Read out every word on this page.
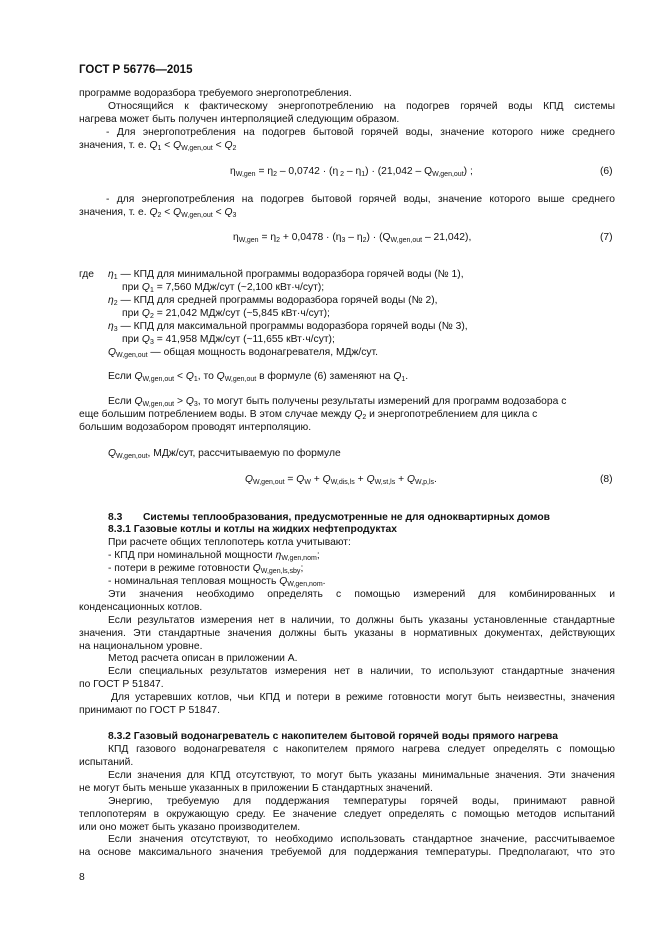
ГОСТ Р 56776—2015
программе водоразбора требуемого энергопотребления.
Относящийся к фактическому энергопотреблению на подогрев горячей воды КПД системы
нагрева может быть получен интерполяцией следующим образом.
- Для энергопотребления на подогрев бытовой горячей воды, значение которого ниже среднего
значения, т. е. $Q_1 < Q_{W,gen,out} < Q_2$
$\eta_{W,gen} = \eta_2 - 0,0742 \cdot (\eta$ $_2 - \eta_1) \cdot (21,042 - Q_{W,gen,out})$ ;	(6)
- для энергопотребления на подогрев бытовой горячей воды, значение которого выше среднего
значения, т. е. $Q_2 < Q_{W,gen,out} < Q_3$
$\eta_{W,gen} = \eta_2 + 0,0478 \cdot (\eta_3 - \eta_2) \cdot (Q_{W,gen,out} - 21,042)$,	(7)
где $\eta_1$ — КПД для минимальной программы водоразбора горячей воды (№ 1),
при $Q_1 = 7,560$ МДж/сут (~2,100 кВт·ч/сут);
$\eta_2$ — КПД для средней программы водоразбора горячей воды (№ 2),
при $Q_2 = 21,042$ МДж/сут (~5,845 кВт·ч/сут);
$\eta_3$ — КПД для максимальной программы водоразбора горячей воды (№ 3),
при $Q_3 = 41,958$ МДж/сут (~11,655 кВт·ч/сут);
$Q_{W,gen,out}$ — общая мощность водонагревателя, МДж/сут.
Если $Q_{W,gen,out} < Q_1$, то $Q_{W,gen,out}$ в формуле (6) заменяют на $Q_1$.
Если $Q_{W,gen,out} > Q_3$, то могут быть получены результаты измерений для программ водозабора с
еще большим потреблением воды. В этом случае между $Q_2$ и энергопотреблением для цикла с
большим водозабором проводят интерполяцию.
$Q_{W,gen,out}$, МДж/сут, рассчитываемую по формуле
$Q_{W,gen,out} = Q_W + Q_{W,dis,ls} + Q_{W,st,ls} + Q_{W,p,ls}$.	(8)
8.3 Системы теплообразования, предусмотренные не для одноквартирных домов
8.3.1 Газовые котлы и котлы на жидких нефтепродуктах
При расчете общих теплопотерь котла учитывают:
- КПД при номинальной мощности $\eta_{W,gen,nom}$;
- потери в режиме готовности $Q_{W,gen,ls,sby}$;
- номинальная тепловая мощность $Q_{W,gen,nom}$.
Эти значения необходимо определять с помощью измерений для комбинированных и
конденсационных котлов.
Если результатов измерения нет в наличии, то должны быть указаны установленные стандартные
значения. Эти стандартные значения должны быть указаны в нормативных документах, действующих
на национальном уровне.
Метод расчета описан в приложении А.
Если специальных результатов измерения нет в наличии, то используют стандартные значения
по ГОСТ Р 51847.
Для устаревших котлов, чьи КПД и потери в режиме готовности могут быть неизвестны, значения
принимают по ГОСТ Р 51847.
8.3.2 Газовый водонагреватель с накопителем бытовой горячей воды прямого нагрева
КПД газового водонагревателя с накопителем прямого нагрева следует определять с помощью
испытаний.
Если значения для КПД отсутствуют, то могут быть указаны минимальные значения. Эти значения
не могут быть меньше указанных в приложении Б стандартных значений.
Энергию, требуемую для поддержания температуры горячей воды, принимают равной
теплопотерям в окружающую среду. Ее значение следует определять с помощью методов испытаний
или оно может быть указано производителем.
Если значения отсутствуют, то необходимо использовать стандартное значение, рассчитываемое
на основе максимального значения требуемой для поддержания температуры. Предполагают, что это
8
